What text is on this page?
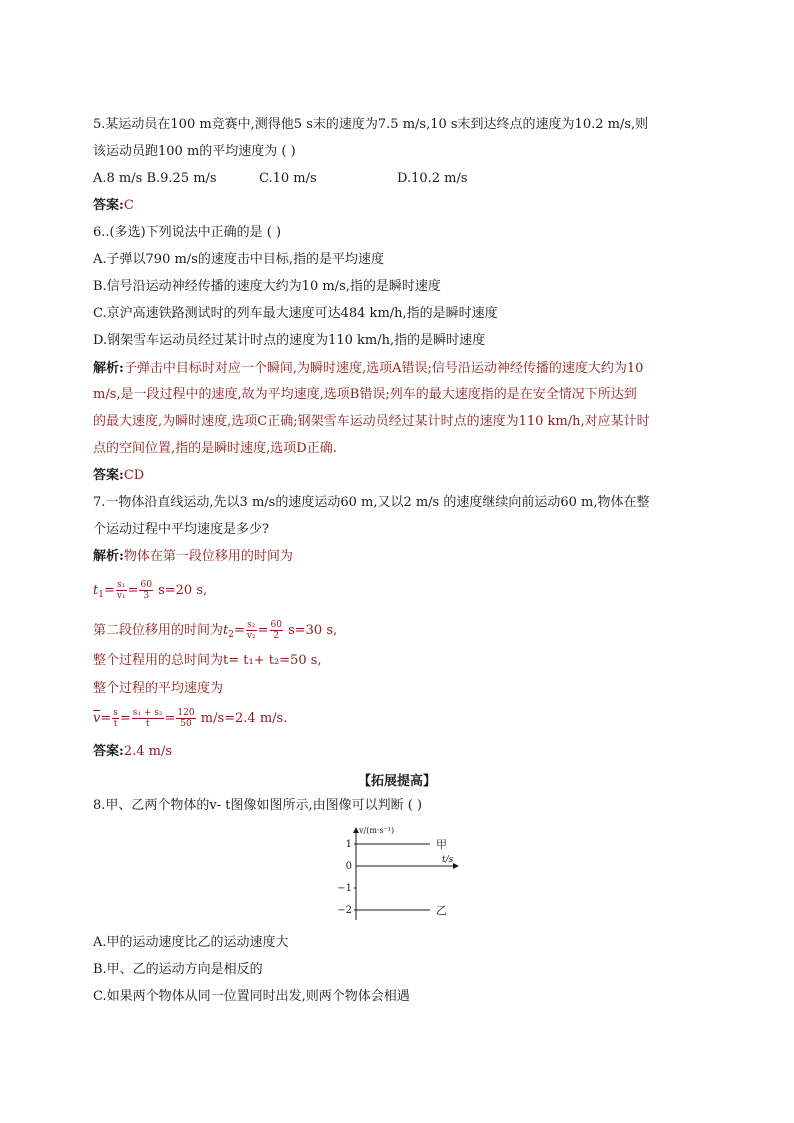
5.某运动员在100 m竞赛中,测得他5 s末的速度为7.5 m/s,10 s末到达终点的速度为10.2 m/s,则
该运动员跑100 m的平均速度为 ( )
A.8 m/s B.9.25 m/s	C.10 m/s	D.10.2 m/s
答案:C
6..(多选)下列说法中正确的是 ( )
A.子弹以790 m/s的速度击中目标,指的是平均速度
B.信号沿运动神经传播的速度大约为10 m/s,指的是瞬时速度
C.京沪高速铁路测试时的列车最大速度可达484 km/h,指的是瞬时速度
D.钢架雪车运动员经过某计时点的速度为110 km/h,指的是瞬时速度
解析:子弹击中目标时对应一个瞬间,为瞬时速度,选项A错误;信号沿运动神经传播的速度大约为10
m/s,是一段过程中的速度,故为平均速度,选项B错误;列车的最大速度指的是在安全情况下所达到
的最大速度,为瞬时速度,选项C正确;钢架雪车运动员经过某计时点的速度为110 km/h,对应某计时
点的空间位置,指的是瞬时速度,选项D正确.
答案:CD
7.一物体沿直线运动,先以3 m/s的速度运动60 m,又以2 m/s 的速度继续向前运动60 m,物体在整
个运动过程中平均速度是多少?
解析:物体在第一段位移用的时间为
$t_1= \frac{\text{s₁}}{\text{v₁}} = \frac{60}{3} s=20$ s,
第二段位移用的时间为$t_2= \frac{\text{s₂}}{\text{v₂}} = \frac{60}{2} s=30$ s,
整个过程用的总时间为t= t₁+ t₂=50 s,
整个过程的平均速度为
$\overline{v}= \frac{s}{t} = \frac{\text{s₁ + s₂}}{t} = \frac{120}{50} m/s=2.4$ m/s.
答案:2.4 m/s
【拓展提高】
8.甲、乙两个物体的v- t图像如图所示,由图像可以判断 ( )
v/(m·s⁻¹)
t/s
1
0
−1
−2
甲
乙
A.甲的运动速度比乙的运动速度大
B.甲、乙的运动方向是相反的
C.如果两个物体从同一位置同时出发,则两个物体会相遇
